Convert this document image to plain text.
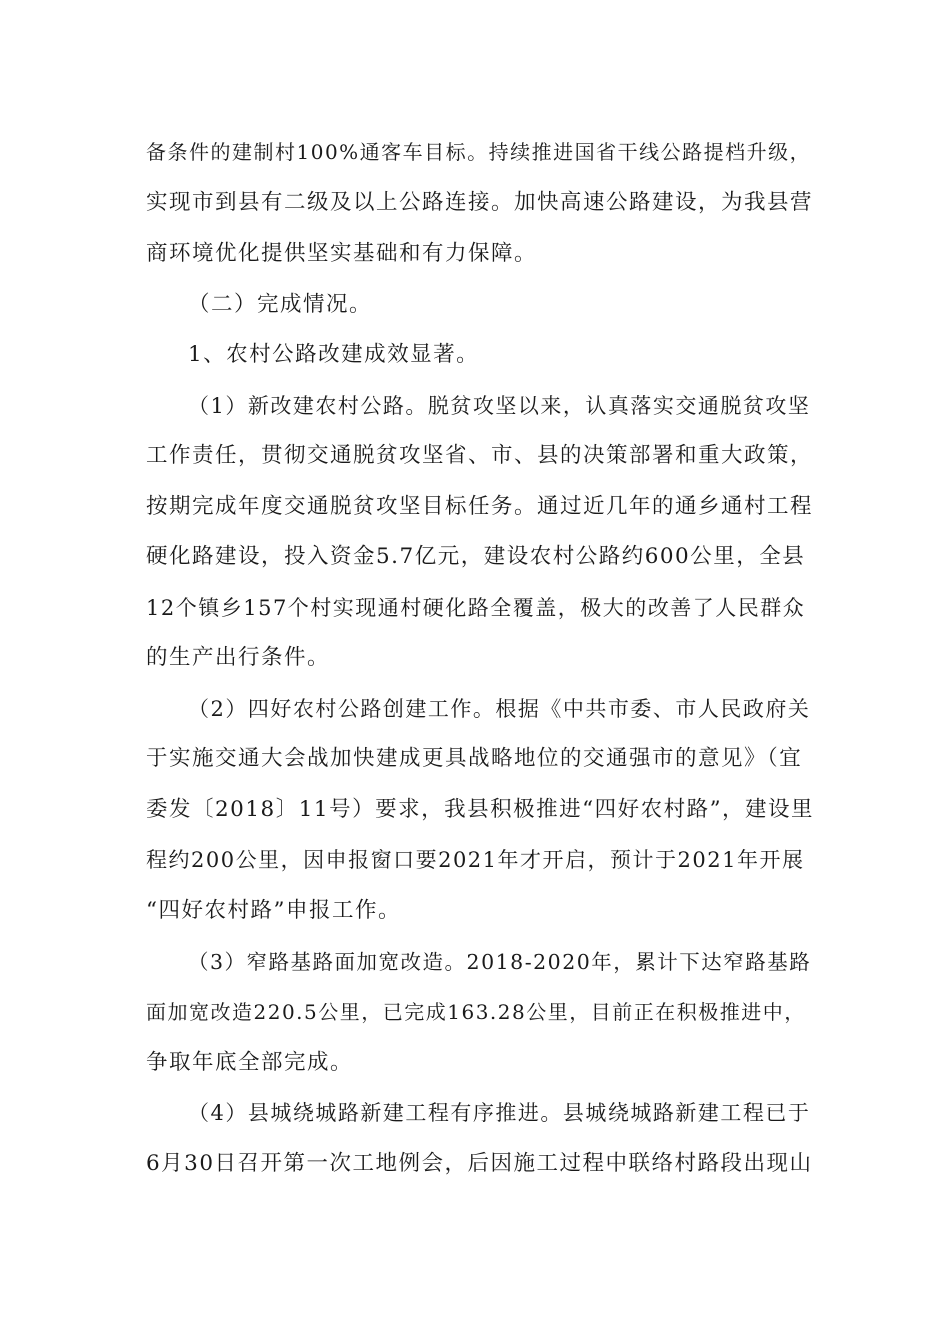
备条件的建制村100%通客车目标。持续推进国省干线公路提档升级，
实现市到县有二级及以上公路连接。加快高速公路建设，为我县营
商环境优化提供坚实基础和有力保障。
（二）完成情况。
1、农村公路改建成效显著。
（1）新改建农村公路。脱贫攻坚以来，认真落实交通脱贫攻坚
工作责任，贯彻交通脱贫攻坚省、市、县的决策部署和重大政策，
按期完成年度交通脱贫攻坚目标任务。通过近几年的通乡通村工程
硬化路建设，投入资金5.7亿元，建设农村公路约600公里，全县
12个镇乡157个村实现通村硬化路全覆盖，极大的改善了人民群众
的生产出行条件。
（2）四好农村公路创建工作。根据《中共市委、市人民政府关
于实施交通大会战加快建成更具战略地位的交通强市的意见》（宜
委发〔2018〕11号）要求，我县积极推进“四好农村路”，建设里
程约200公里，因申报窗口要2021年才开启，预计于2021年开展
“四好农村路”申报工作。
（3）窄路基路面加宽改造。2018-2020年，累计下达窄路基路
面加宽改造220.5公里，已完成163.28公里，目前正在积极推进中，
争取年底全部完成。
（4）县城绕城路新建工程有序推进。县城绕城路新建工程已于
6月30日召开第一次工地例会，后因施工过程中联络村路段出现山
